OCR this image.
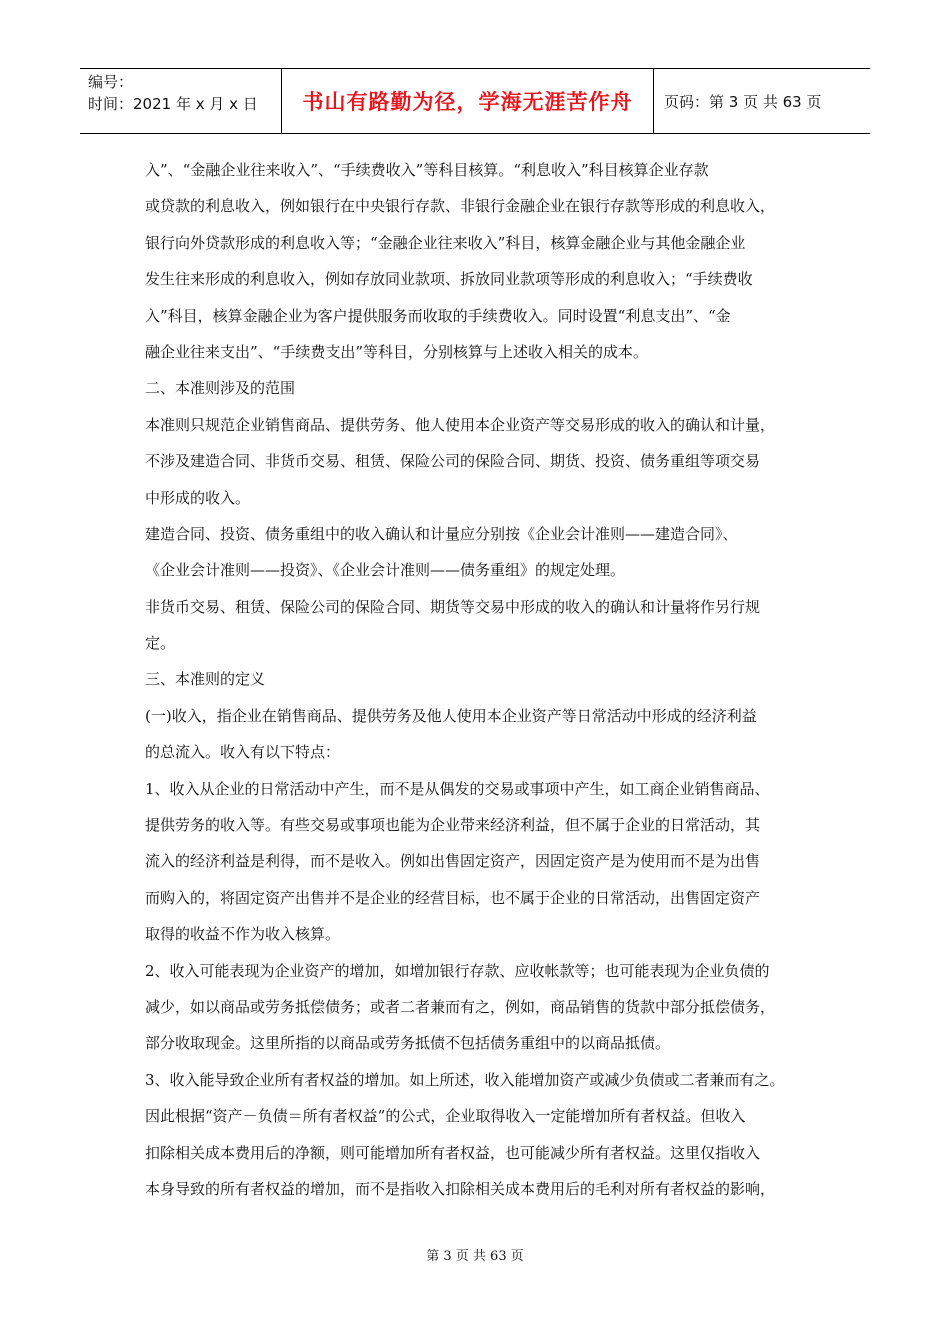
编号：
时间：2021 年 x 月 x 日	书山有路勤为径，学海无涯苦作舟	页码：第 3 页 共 63 页
入”、“金融企业往来收入”、“手续费收入”等科目核算。“利息收入”科目核算企业存款
或贷款的利息收入，例如银行在中央银行存款、非银行金融企业在银行存款等形成的利息收入，
银行向外贷款形成的利息收入等；“金融企业往来收入”科目，核算金融企业与其他金融企业
发生往来形成的利息收入，例如存放同业款项、拆放同业款项等形成的利息收入；“手续费收
入”科目，核算金融企业为客户提供服务而收取的手续费收入。同时设置“利息支出”、“金
融企业往来支出”、“手续费支出”等科目，分别核算与上述收入相关的成本。
二、本准则涉及的范围
本准则只规范企业销售商品、提供劳务、他人使用本企业资产等交易形成的收入的确认和计量，
不涉及建造合同、非货币交易、租赁、保险公司的保险合同、期货、投资、债务重组等项交易
中形成的收入。
建造合同、投资、债务重组中的收入确认和计量应分别按《企业会计准则——建造合同》、
《企业会计准则——投资》、《企业会计准则——债务重组》的规定处理。
非货币交易、租赁、保险公司的保险合同、期货等交易中形成的收入的确认和计量将作另行规
定。
三、本准则的定义
(一)收入，指企业在销售商品、提供劳务及他人使用本企业资产等日常活动中形成的经济利益
的总流入。收入有以下特点：
1、收入从企业的日常活动中产生，而不是从偶发的交易或事项中产生，如工商企业销售商品、
提供劳务的收入等。有些交易或事项也能为企业带来经济利益，但不属于企业的日常活动，其
流入的经济利益是利得，而不是收入。例如出售固定资产，因固定资产是为使用而不是为出售
而购入的，将固定资产出售并不是企业的经营目标，也不属于企业的日常活动，出售固定资产
取得的收益不作为收入核算。
2、收入可能表现为企业资产的增加，如增加银行存款、应收帐款等；也可能表现为企业负债的
减少，如以商品或劳务抵偿债务；或者二者兼而有之，例如，商品销售的货款中部分抵偿债务，
部分收取现金。这里所指的以商品或劳务抵债不包括债务重组中的以商品抵债。
3、收入能导致企业所有者权益的增加。如上所述，收入能增加资产或减少负债或二者兼而有之。
因此根据“资产－负债＝所有者权益”的公式，企业取得收入一定能增加所有者权益。但收入
扣除相关成本费用后的净额，则可能增加所有者权益，也可能减少所有者权益。这里仅指收入
本身导致的所有者权益的增加，而不是指收入扣除相关成本费用后的毛利对所有者权益的影响，
第 3 页 共 63 页
